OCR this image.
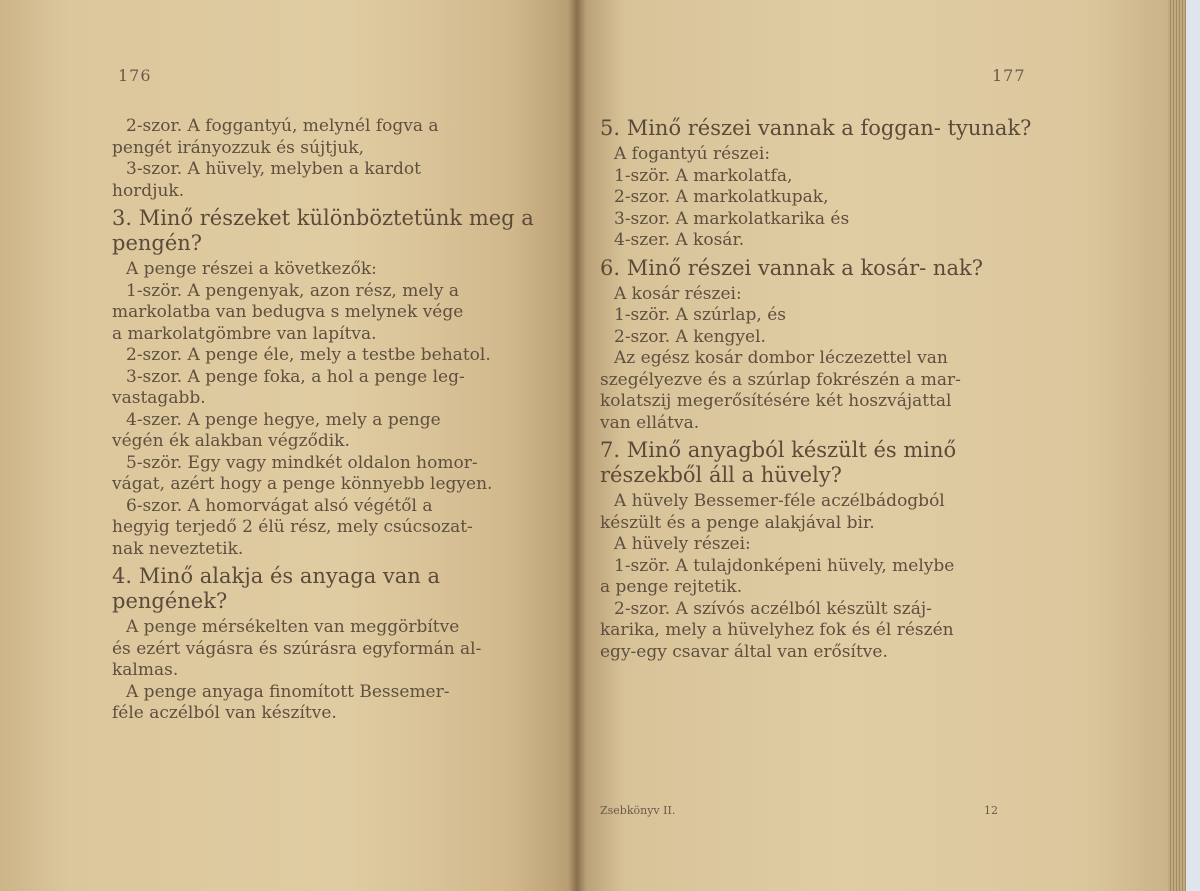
176

2-szor. A foggantyú, melynél fogva a

pengét irányozzuk és sújtjuk,

3-szor. A hüvely, melyben a kardot

hordjuk.

3. Minő részeket különböztetünk meg a pengén?

A penge részei a következők:

1-ször. A pengenyak, azon rész, mely a

markolatba van bedugva s melynek vége

a markolatgömbre van lapítva.

2-szor. A penge éle, mely a testbe behatol.

3-szor. A penge foka, a hol a penge leg-

vastagabb.

4-szer. A penge hegye, mely a penge

végén ék alakban végződik.

5-ször. Egy vagy mindkét oldalon homor-

vágat, azért hogy a penge könnyebb legyen.

6-szor. A homorvágat alsó végétől a

hegyig terjedő 2 élü rész, mely csúcsozat-

nak neveztetik.

4. Minő alakja és anyaga van a pengének?

A penge mérsékelten van meggörbítve

és ezért vágásra és szúrásra egyformán al-

kalmas.

A penge anyaga finomított Bessemer-

féle aczélból van készítve.

177

5. Minő részei vannak a foggan- tyunak?

A fogantyú részei:

1-ször. A markolatfa,

2-szor. A markolatkupak,

3-szor. A markolatkarika és

4-szer. A kosár.

6. Minő részei vannak a kosár- nak?

A kosár részei:

1-ször. A szúrlap, és

2-szor. A kengyel.

Az egész kosár dombor léczezettel van

szegélyezve és a szúrlap fokrészén a mar-

kolatszij megerősítésére két hoszvájattal

van ellátva.

7. Minő anyagból készült és minő részekből áll a hüvely?

A hüvely Bessemer-féle aczélbádogból

készült és a penge alakjával bir.

A hüvely részei:

1-ször. A tulajdonképeni hüvely, melybe

a penge rejtetik.

2-szor. A szívós aczélból készült száj-

karika, mely a hüvelyhez fok és él részén

egy-egy csavar által van erősítve.

Zsebkönyv II.	12
